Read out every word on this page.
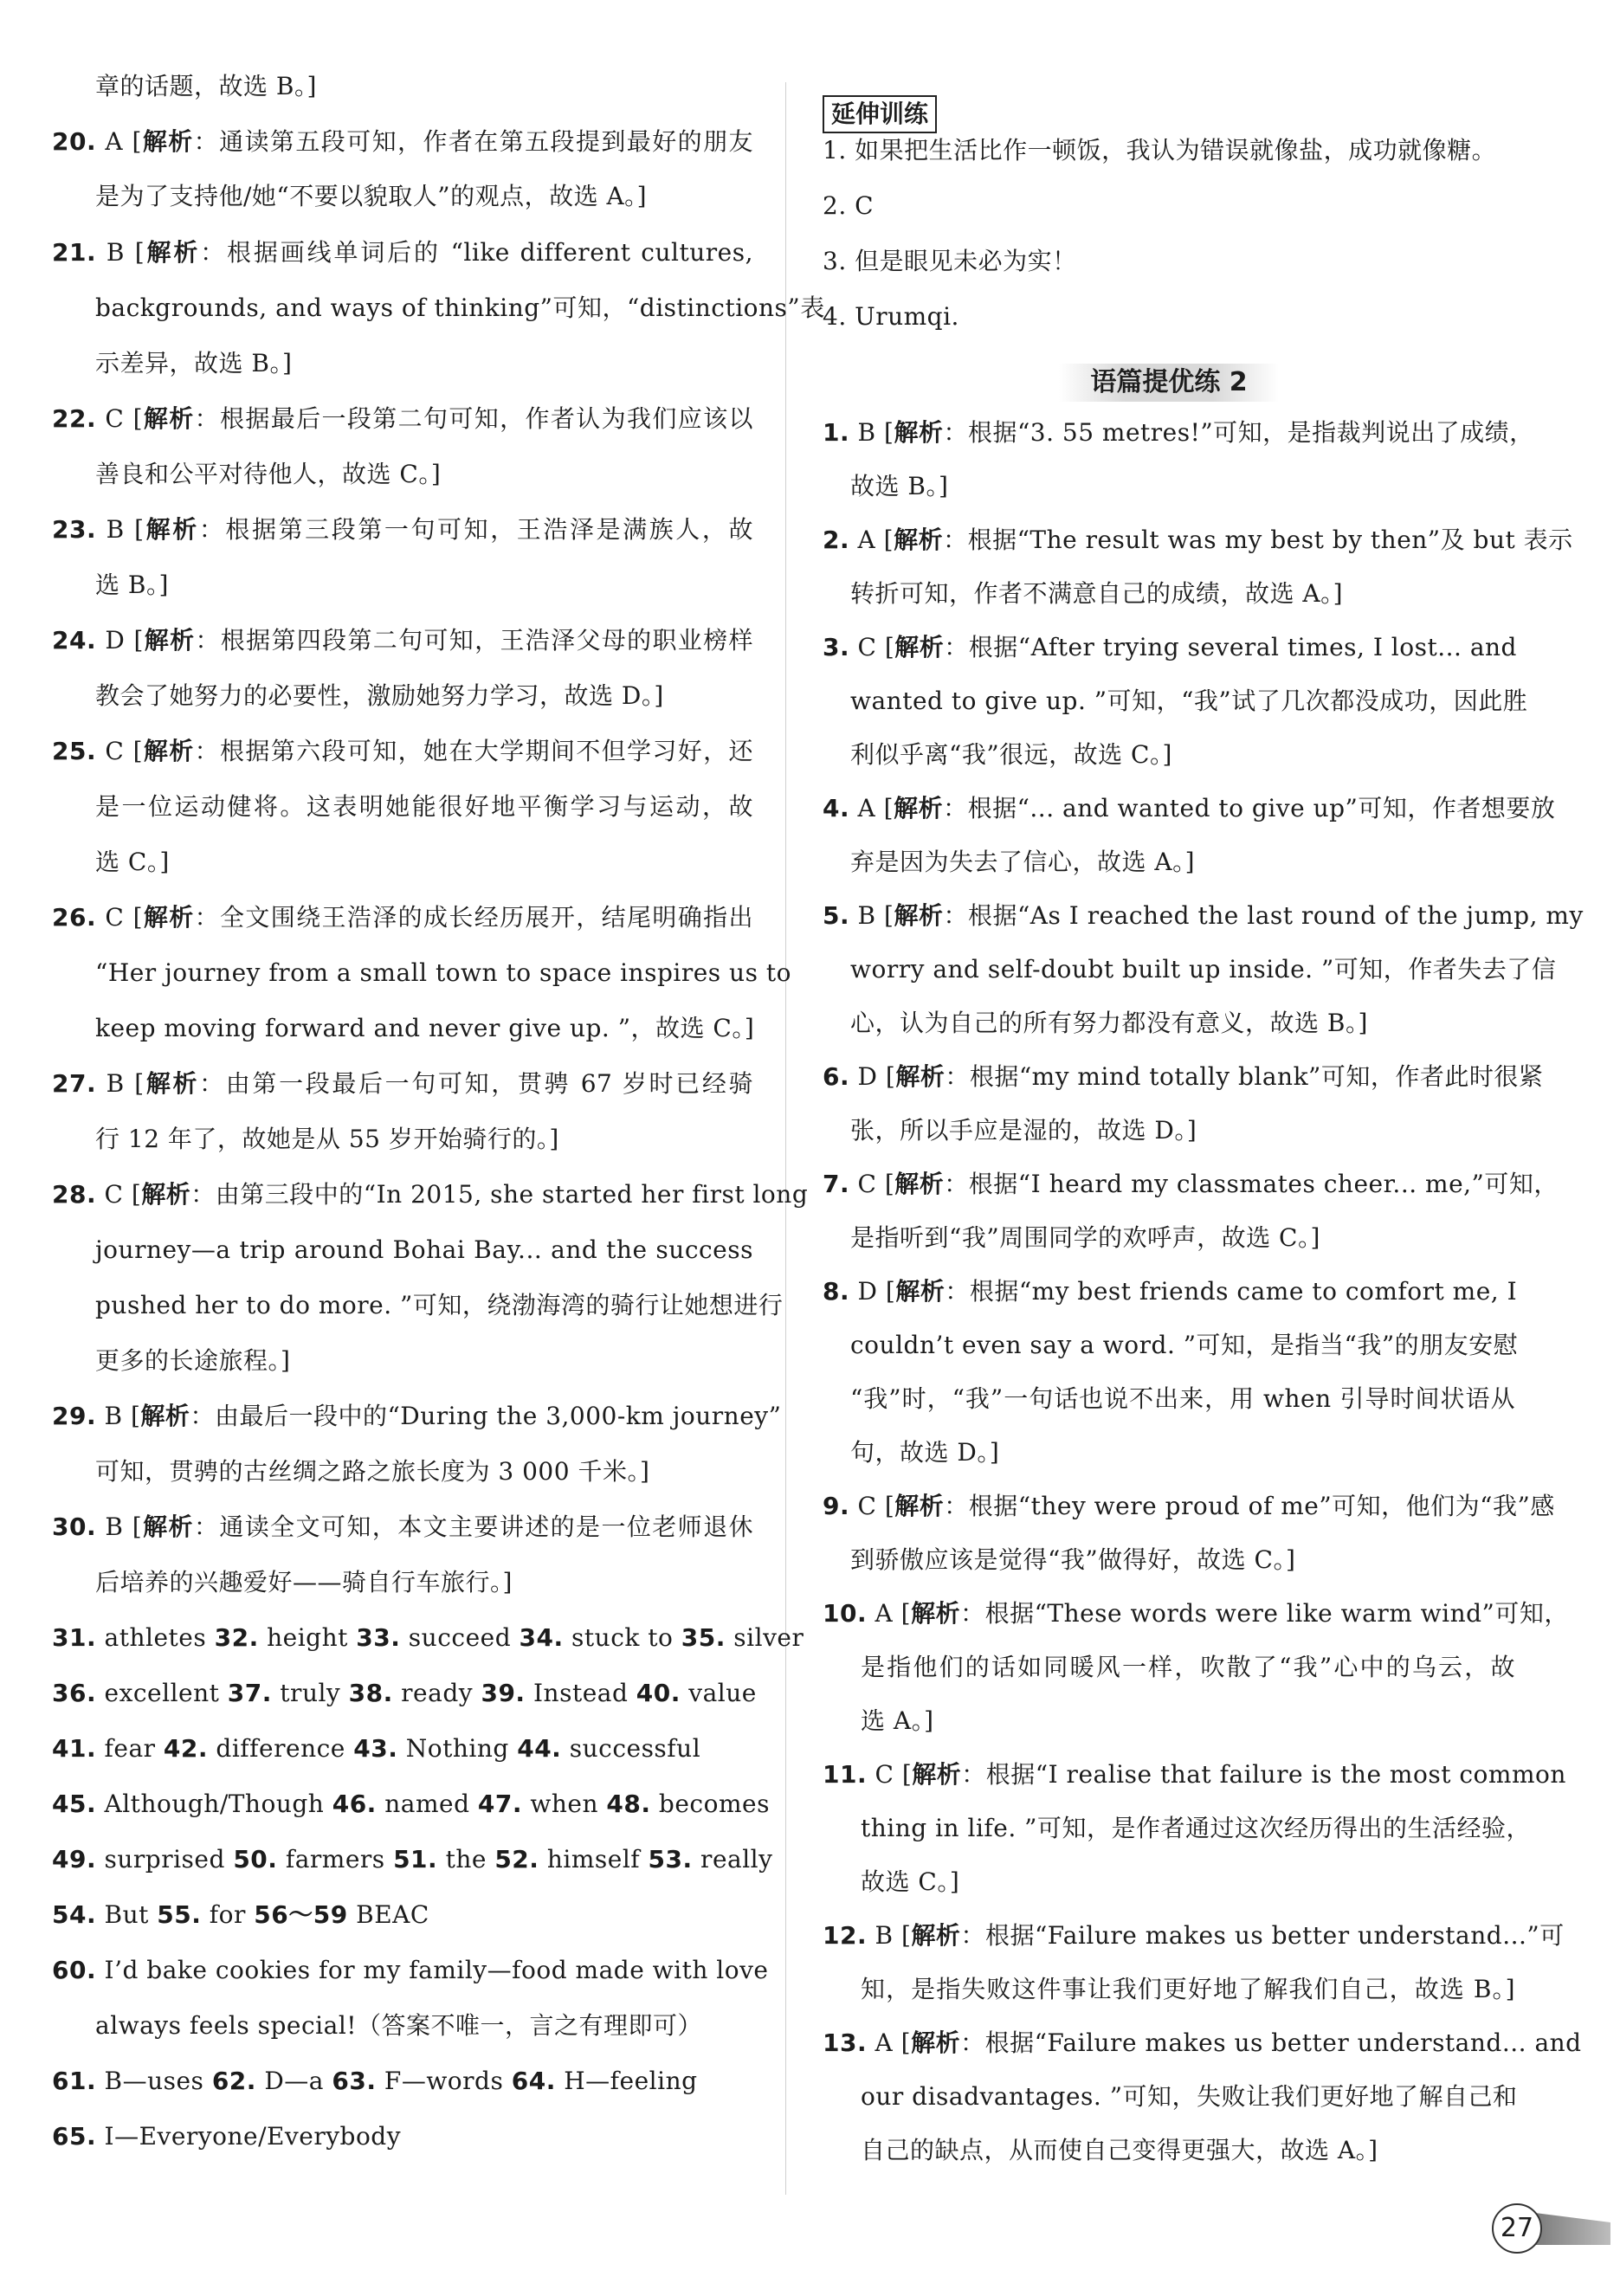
章的话题，故选 B。]
20. A [解析：通读第五段可知，作者在第五段提到最好的朋友
是为了支持他/她“不要以貌取人”的观点，故选 A。]
21. B [解析：根据画线单词后的 “like different cultures,
backgrounds, and ways of thinking”可知，“distinctions”表
示差异，故选 B。]
22. C [解析：根据最后一段第二句可知，作者认为我们应该以
善良和公平对待他人，故选 C。]
23. B [解析：根据第三段第一句可知，王浩泽是满族人，故
选 B。]
24. D [解析：根据第四段第二句可知，王浩泽父母的职业榜样
教会了她努力的必要性，激励她努力学习，故选 D。]
25. C [解析：根据第六段可知，她在大学期间不但学习好，还
是一位运动健将。这表明她能很好地平衡学习与运动，故
选 C。]
26. C [解析：全文围绕王浩泽的成长经历展开，结尾明确指出
“Her journey from a small town to space inspires us to
keep moving forward and never give up. ”，故选 C。]
27. B [解析：由第一段最后一句可知，贯骋 67 岁时已经骑
行 12 年了，故她是从 55 岁开始骑行的。]
28. C [解析：由第三段中的“In 2015, she started her first long
journey—a trip around Bohai Bay... and the success
pushed her to do more. ”可知，绕渤海湾的骑行让她想进行
更多的长途旅程。]
29. B [解析：由最后一段中的“During the 3,000-km journey”
可知，贯骋的古丝绸之路之旅长度为 3 000 千米。]
30. B [解析：通读全文可知，本文主要讲述的是一位老师退休
后培养的兴趣爱好——骑自行车旅行。]
31. athletes 32. height 33. succeed 34. stuck to 35. silver
36. excellent 37. truly 38. ready 39. Instead 40. value
41. fear 42. difference 43. Nothing 44. successful
45. Although/Though 46. named 47. when 48. becomes
49. surprised 50. farmers 51. the 52. himself 53. really
54. But 55. for 56～59 BEAC
60. I’d bake cookies for my family—food made with love
always feels special!（答案不唯一，言之有理即可）
61. B—uses 62. D—a 63. F—words 64. H—feeling
65. I—Everyone/Everybody
延伸训练
语篇提优练 2
1. 如果把生活比作一顿饭，我认为错误就像盐，成功就像糖。
2. C
3. 但是眼见未必为实！
4. Urumqi.
1. B [解析：根据“3. 55 metres!”可知，是指裁判说出了成绩，
故选 B。]
2. A [解析：根据“The result was my best by then”及 but 表示
转折可知，作者不满意自己的成绩，故选 A。]
3. C [解析：根据“After trying several times, I lost... and
wanted to give up. ”可知，“我”试了几次都没成功，因此胜
利似乎离“我”很远，故选 C。]
4. A [解析：根据“... and wanted to give up”可知，作者想要放
弃是因为失去了信心，故选 A。]
5. B [解析：根据“As I reached the last round of the jump, my
worry and self-doubt built up inside. ”可知，作者失去了信
心，认为自己的所有努力都没有意义，故选 B。]
6. D [解析：根据“my mind totally blank”可知，作者此时很紧
张，所以手应是湿的，故选 D。]
7. C [解析：根据“I heard my classmates cheer... me,”可知，
是指听到“我”周围同学的欢呼声，故选 C。]
8. D [解析：根据“my best friends came to comfort me, I
couldn’t even say a word. ”可知，是指当“我”的朋友安慰
“我”时，“我”一句话也说不出来，用 when 引导时间状语从
句，故选 D。]
9. C [解析：根据“they were proud of me”可知，他们为“我”感
到骄傲应该是觉得“我”做得好，故选 C。]
10. A [解析：根据“These words were like warm wind”可知，
是指他们的话如同暖风一样，吹散了“我”心中的乌云，故
选 A。]
11. C [解析：根据“I realise that failure is the most common
thing in life. ”可知，是作者通过这次经历得出的生活经验，
故选 C。]
12. B [解析：根据“Failure makes us better understand...”可
知，是指失败这件事让我们更好地了解我们自己，故选 B。]
13. A [解析：根据“Failure makes us better understand... and
our disadvantages. ”可知，失败让我们更好地了解自己和
自己的缺点，从而使自己变得更强大，故选 A。]
27
